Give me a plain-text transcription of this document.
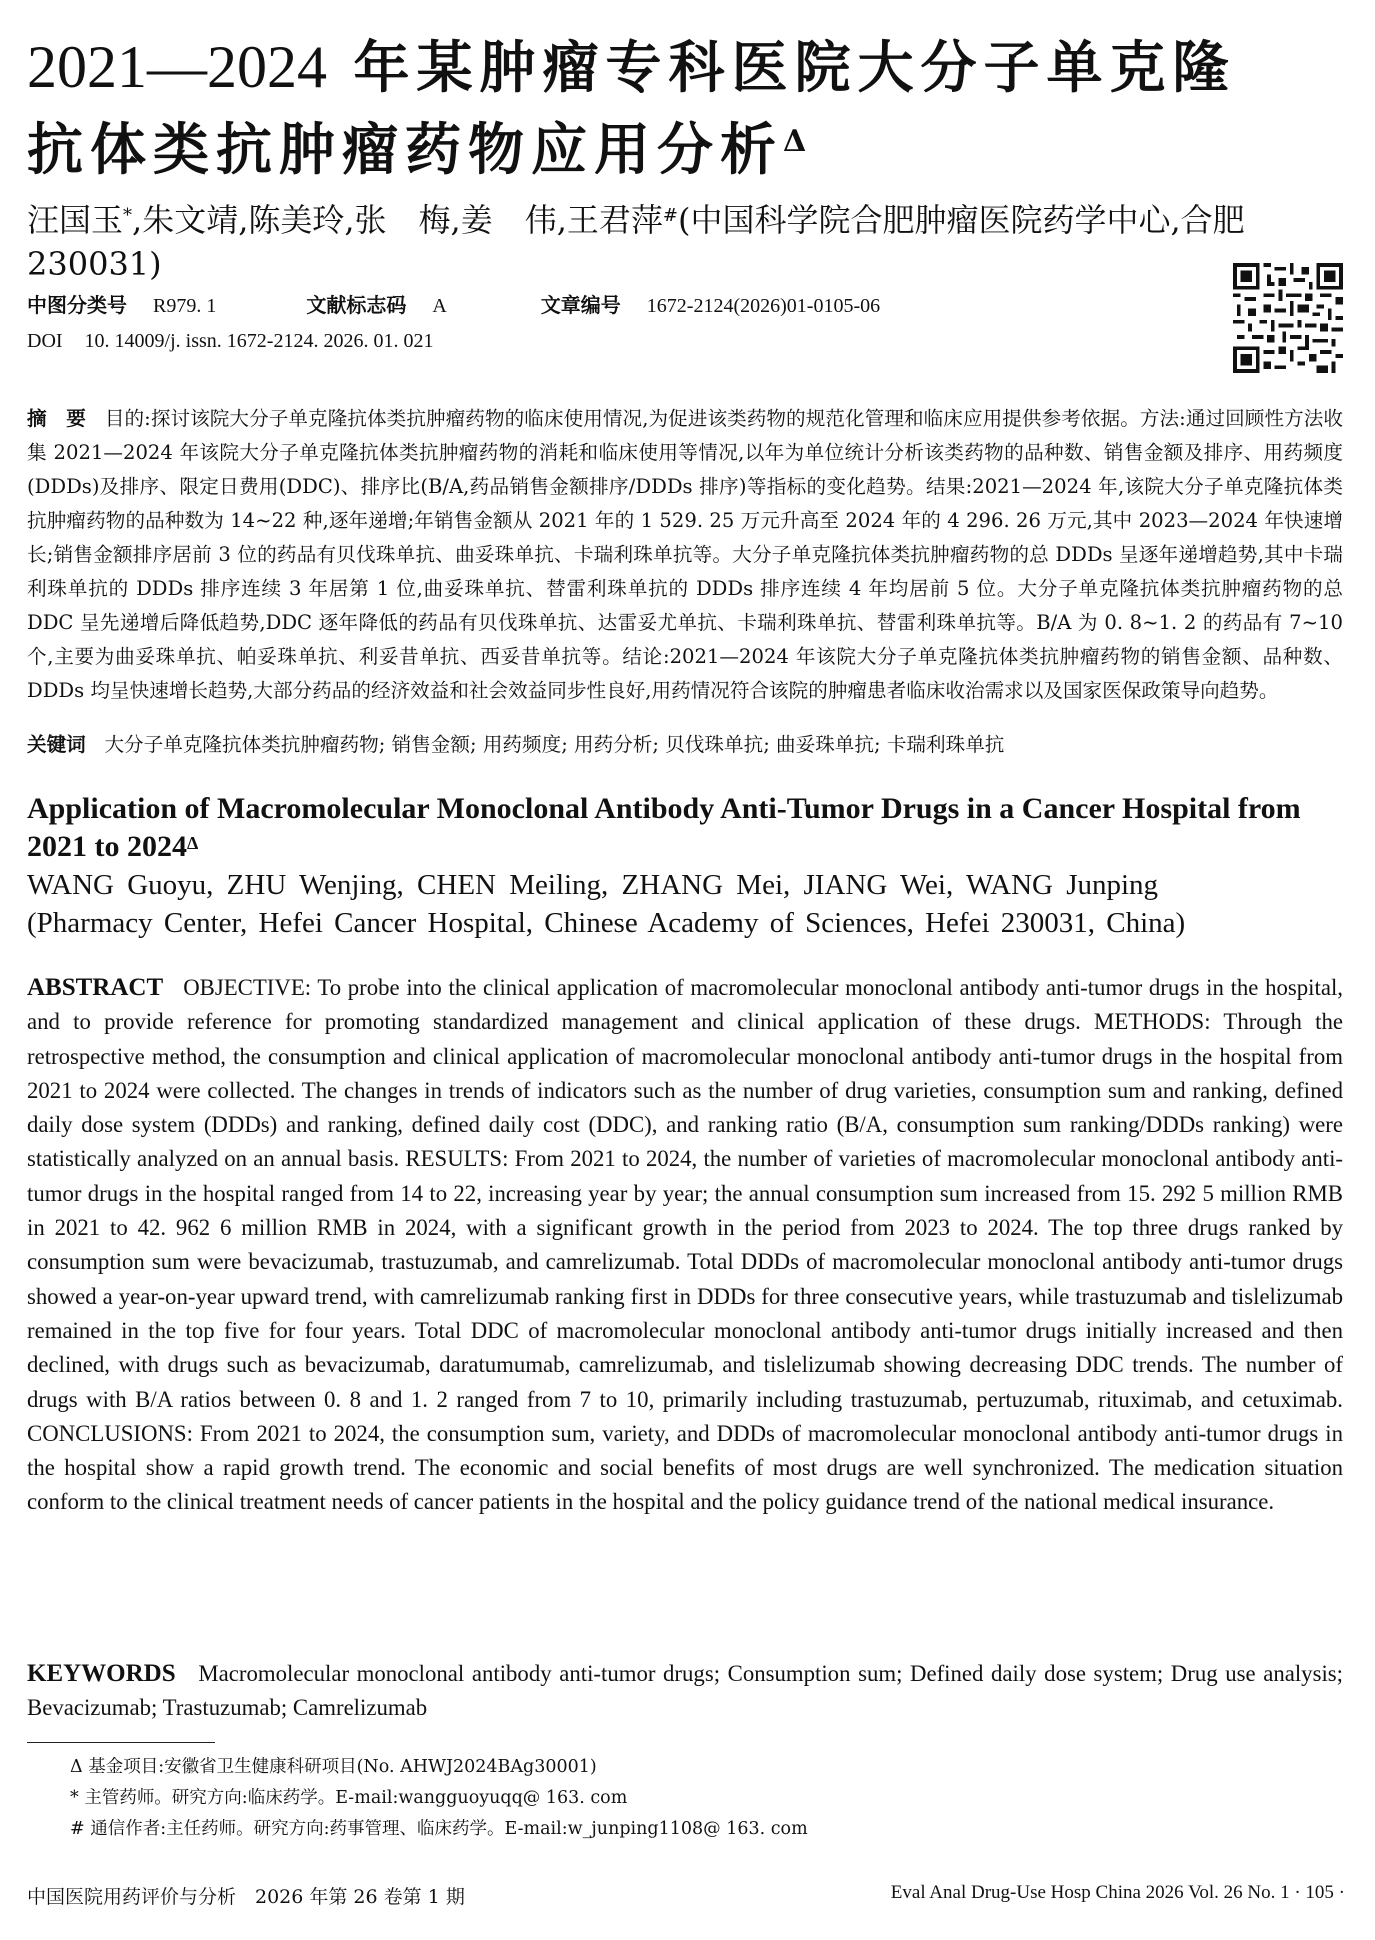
2021—2024 年某肿瘤专科医院大分子单克隆
抗体类抗肿瘤药物应用分析$^\Delta$
汪国玉*,朱文靖,陈美玲,张　梅,姜　伟,王君萍#(中国科学院合肥肿瘤医院药学中心,合肥　230031)
中图分类号 R979. 1	文献标志码 A	文章编号 1672-2124(2026)01-0105-06
DOI 10. 14009/j. issn. 1672-2124. 2026. 01. 021
摘　要 目的:探讨该院大分子单克隆抗体类抗肿瘤药物的临床使用情况,为促进该类药物的规范化管理和临床应用提供参考依据。方法:通过回顾性方法收集 2021—2024 年该院大分子单克隆抗体类抗肿瘤药物的消耗和临床使用等情况,以年为单位统计分析该类药物的品种数、销售金额及排序、用药频度(DDDs)及排序、限定日费用(DDC)、排序比(B/A,药品销售金额排序/DDDs 排序)等指标的变化趋势。结果:2021—2024 年,该院大分子单克隆抗体类抗肿瘤药物的品种数为 14~22 种,逐年递增;年销售金额从 2021 年的 1 529. 25 万元升高至 2024 年的 4 296. 26 万元,其中 2023—2024 年快速增长;销售金额排序居前 3 位的药品有贝伐珠单抗、曲妥珠单抗、卡瑞利珠单抗等。大分子单克隆抗体类抗肿瘤药物的总 DDDs 呈逐年递增趋势,其中卡瑞利珠单抗的 DDDs 排序连续 3 年居第 1 位,曲妥珠单抗、替雷利珠单抗的 DDDs 排序连续 4 年均居前 5 位。大分子单克隆抗体类抗肿瘤药物的总 DDC 呈先递增后降低趋势,DDC 逐年降低的药品有贝伐珠单抗、达雷妥尤单抗、卡瑞利珠单抗、替雷利珠单抗等。B/A 为 0. 8~1. 2 的药品有 7~10 个,主要为曲妥珠单抗、帕妥珠单抗、利妥昔单抗、西妥昔单抗等。结论:2021—2024 年该院大分子单克隆抗体类抗肿瘤药物的销售金额、品种数、DDDs 均呈快速增长趋势,大部分药品的经济效益和社会效益同步性良好,用药情况符合该院的肿瘤患者临床收治需求以及国家医保政策导向趋势。
关键词 大分子单克隆抗体类抗肿瘤药物; 销售金额; 用药频度; 用药分析; 贝伐珠单抗; 曲妥珠单抗; 卡瑞利珠单抗
Application of Macromolecular Monoclonal Antibody Anti-Tumor Drugs in a Cancer Hospital from 2021 to $2024^\Delta$
WANG Guoyu, ZHU Wenjing, CHEN Meiling, ZHANG Mei, JIANG Wei, WANG Junping
(Pharmacy Center, Hefei Cancer Hospital, Chinese Academy of Sciences, Hefei 230031, China)
ABSTRACT OBJECTIVE: To probe into the clinical application of macromolecular monoclonal antibody anti-tumor drugs in the hospital, and to provide reference for promoting standardized management and clinical application of these drugs. METHODS: Through the retrospective method, the consumption and clinical application of macromolecular monoclonal antibody anti-tumor drugs in the hospital from 2021 to 2024 were collected. The changes in trends of indicators such as the number of drug varieties, consumption sum and ranking, defined daily dose system (DDDs) and ranking, defined daily cost (DDC), and ranking ratio (B/A, consumption sum ranking/DDDs ranking) were statistically analyzed on an annual basis. RESULTS: From 2021 to 2024, the number of varieties of macromolecular monoclonal antibody anti-tumor drugs in the hospital ranged from 14 to 22, increasing year by year; the annual consumption sum increased from 15. 292 5 million RMB in 2021 to 42. 962 6 million RMB in 2024, with a significant growth in the period from 2023 to 2024. The top three drugs ranked by consumption sum were bevacizumab, trastuzumab, and camrelizumab. Total DDDs of macromolecular monoclonal antibody anti-tumor drugs showed a year-on-year upward trend, with camrelizumab ranking first in DDDs for three consecutive years, while trastuzumab and tislelizumab remained in the top five for four years. Total DDC of macromolecular monoclonal antibody anti-tumor drugs initially increased and then declined, with drugs such as bevacizumab, daratumumab, camrelizumab, and tislelizumab showing decreasing DDC trends. The number of drugs with B/A ratios between 0. 8 and 1. 2 ranged from 7 to 10, primarily including trastuzumab, pertuzumab, rituximab, and cetuximab. CONCLUSIONS: From 2021 to 2024, the consumption sum, variety, and DDDs of macromolecular monoclonal antibody anti-tumor drugs in the hospital show a rapid growth trend. The economic and social benefits of most drugs are well synchronized. The medication situation conform to the clinical treatment needs of cancer patients in the hospital and the policy guidance trend of the national medical insurance.
KEYWORDS Macromolecular monoclonal antibody anti-tumor drugs; Consumption sum; Defined daily dose system; Drug use analysis; Bevacizumab; Trastuzumab; Camrelizumab
Δ 基金项目:安徽省卫生健康科研项目(No. AHWJ2024BAg30001)
* 主管药师。研究方向:临床药学。E-mail:wangguoyuqq@ 163. com
# 通信作者:主任药师。研究方向:药事管理、临床药学。E-mail:w_junping1108@ 163. com
中国医院用药评价与分析　2026 年第 26 卷第 1 期	Eval Anal Drug-Use Hosp China 2026 Vol. 26 No. 1 · 105 ·
